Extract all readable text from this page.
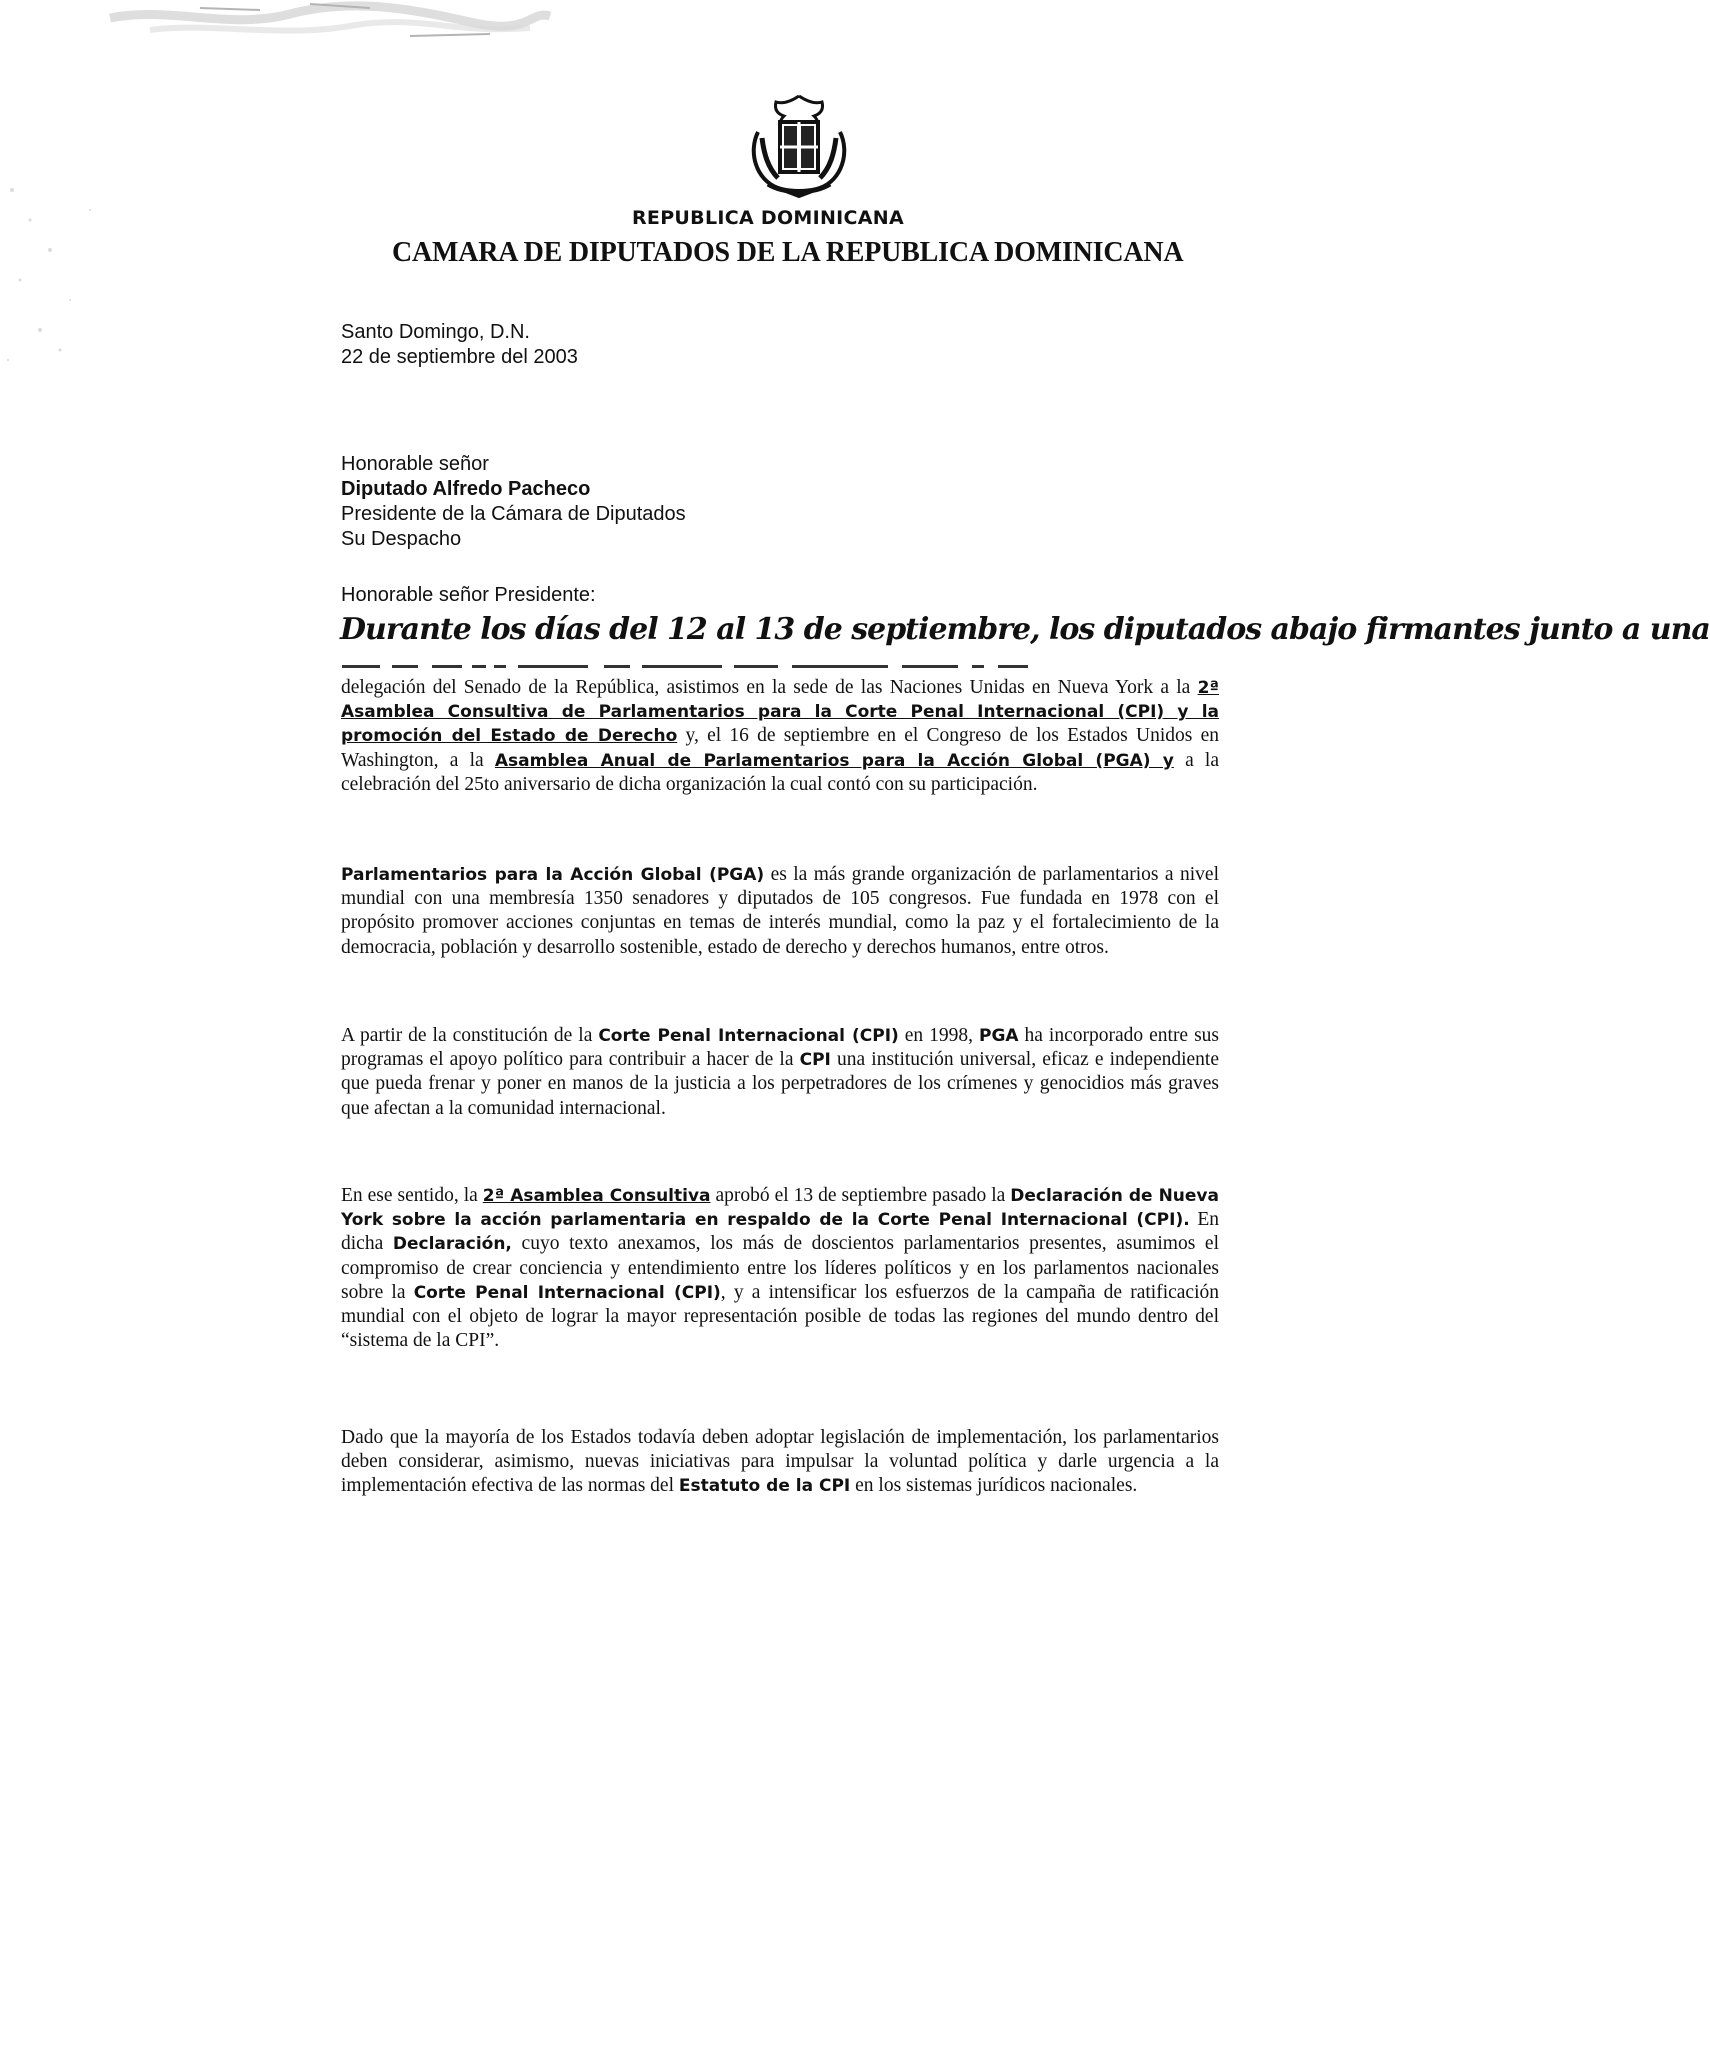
REPUBLICA DOMINICANA
CAMARA DE DIPUTADOS DE LA REPUBLICA DOMINICANA
Santo Domingo, D.N.
22 de septiembre del 2003
Honorable señor
Diputado Alfredo Pacheco
Presidente de la Cámara de Diputados
Su Despacho
Honorable señor Presidente:
Durante los días del 12 al 13 de septiembre, los diputados abajo firmantes junto a una
delegación del Senado de la República, asistimos en la sede de las Naciones Unidas en Nueva York a la 2ª Asamblea Consultiva de Parlamentarios para la Corte Penal Internacional (CPI) y la promoción del Estado de Derecho y, el 16 de septiembre en el Congreso de los Estados Unidos en Washington, a la Asamblea Anual de Parlamentarios para la Acción Global (PGA) y a la celebración del 25to aniversario de dicha organización la cual contó con su participación.
Parlamentarios para la Acción Global (PGA) es la más grande organización de parlamentarios a nivel mundial con una membresía 1350 senadores y diputados de 105 congresos. Fue fundada en 1978 con el propósito promover acciones conjuntas en temas de interés mundial, como la paz y el fortalecimiento de la democracia, población y desarrollo sostenible, estado de derecho y derechos humanos, entre otros.
A partir de la constitución de la Corte Penal Internacional (CPI) en 1998, PGA ha incorporado entre sus programas el apoyo político para contribuir a hacer de la CPI una institución universal, eficaz e independiente que pueda frenar y poner en manos de la justicia a los perpetradores de los crímenes y genocidios más graves que afectan a la comunidad internacional.
En ese sentido, la 2ª Asamblea Consultiva aprobó el 13 de septiembre pasado la Declaración de Nueva York sobre la acción parlamentaria en respaldo de la Corte Penal Internacional (CPI). En dicha Declaración, cuyo texto anexamos, los más de doscientos parlamentarios presentes, asumimos el compromiso de crear conciencia y entendimiento entre los líderes políticos y en los parlamentos nacionales sobre la Corte Penal Internacional (CPI), y a intensificar los esfuerzos de la campaña de ratificación mundial con el objeto de lograr la mayor representación posible de todas las regiones del mundo dentro del “sistema de la CPI”.
Dado que la mayoría de los Estados todavía deben adoptar legislación de implementación, los parlamentarios deben considerar, asimismo, nuevas iniciativas para impulsar la voluntad política y darle urgencia a la implementación efectiva de las normas del Estatuto de la CPI en los sistemas jurídicos nacionales.
